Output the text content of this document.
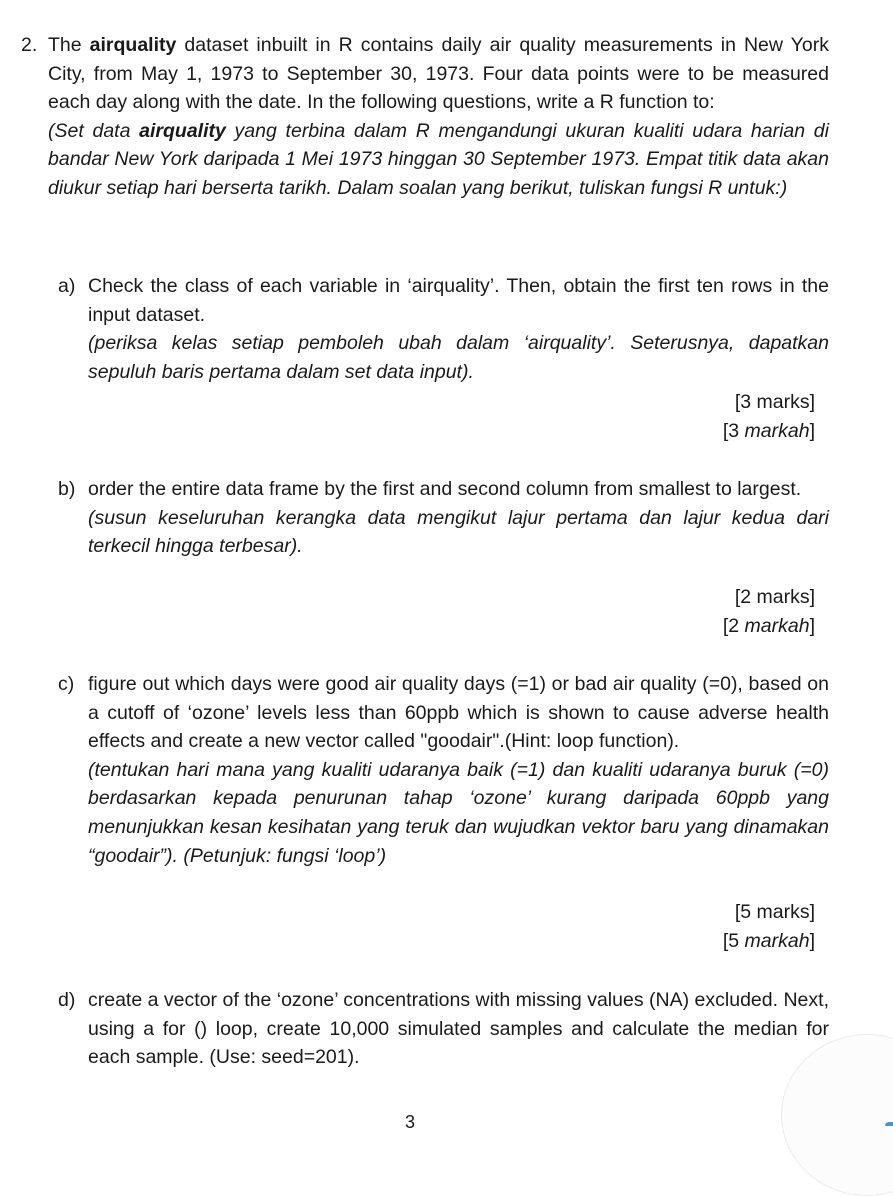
2. The airquality dataset inbuilt in R contains daily air quality measurements in New York City, from May 1, 1973 to September 30, 1973. Four data points were to be measured each day along with the date. In the following questions, write a R function to:

(Set data airquality yang terbina dalam R mengandungi ukuran kualiti udara harian di bandar New York daripada 1 Mei 1973 hinggan 30 September 1973. Empat titik data akan diukur setiap hari berserta tarikh. Dalam soalan yang berikut, tuliskan fungsi R untuk:)

a) Check the class of each variable in ‘airquality’. Then, obtain the first ten rows in the input dataset.

(periksa kelas setiap pemboleh ubah dalam ‘airquality’. Seterusnya, dapatkan sepuluh baris pertama dalam set data input).

[3 marks]

[3 markah]

b) order the entire data frame by the first and second column from smallest to largest.

(susun keseluruhan kerangka data mengikut lajur pertama dan lajur kedua dari terkecil hingga terbesar).

[2 marks]

[2 markah]

c) figure out which days were good air quality days (=1) or bad air quality (=0), based on a cutoff of ‘ozone’ levels less than 60ppb which is shown to cause adverse health effects and create a new vector called "goodair".(Hint: loop function).

(tentukan hari mana yang kualiti udaranya baik (=1) dan kualiti udaranya buruk (=0) berdasarkan kepada penurunan tahap ‘ozone’ kurang daripada 60ppb yang menunjukkan kesan kesihatan yang teruk dan wujudkan vektor baru yang dinamakan “goodair”). (Petunjuk: fungsi ‘loop’)

[5 marks]

[5 markah]

d) create a vector of the ‘ozone’ concentrations with missing values (NA) excluded. Next, using a for () loop, create 10,000 simulated samples and calculate the median for each sample. (Use: seed=201).

3
